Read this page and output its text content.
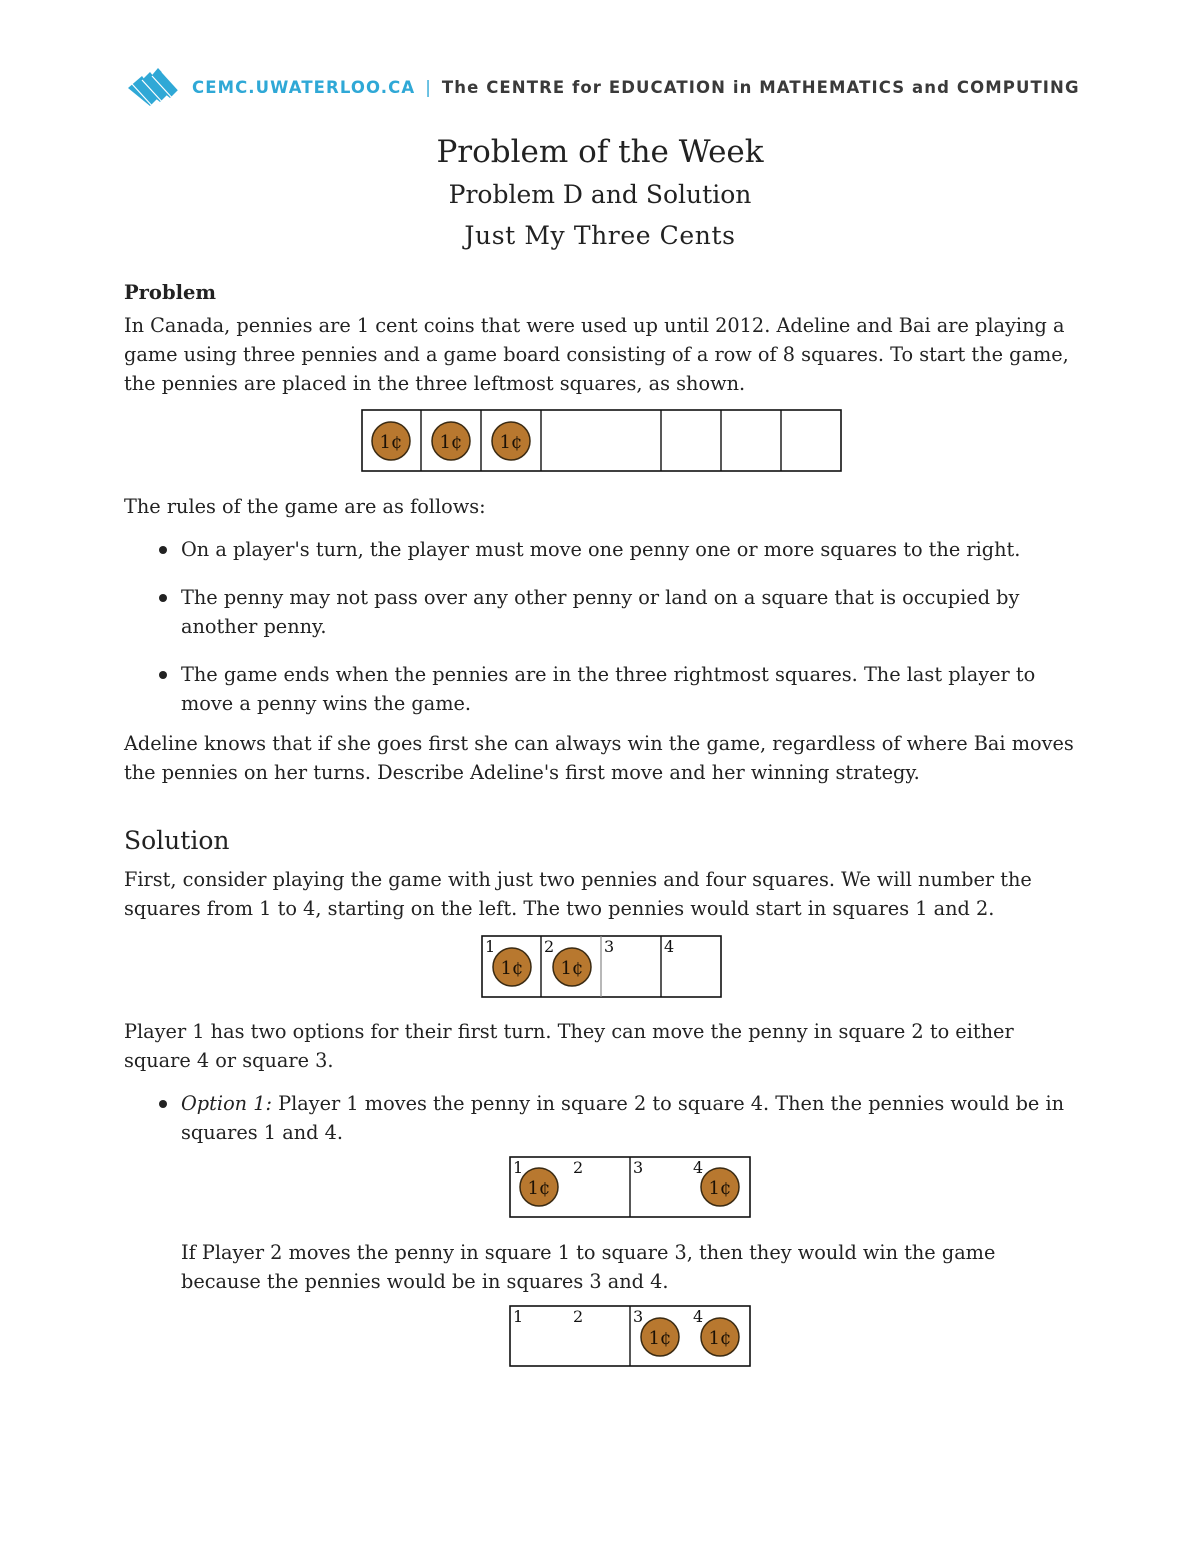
CEMC.UWATERLOO.CA | The CENTRE for EDUCATION in MATHEMATICS and COMPUTING
Problem of the Week
Problem D and Solution
Just My Three Cents

Problem

In Canada, pennies are 1 cent coins that were used up until 2012. Adeline and Bai are playing a game using three pennies and a game board consisting of a row of 8 squares. To start the game, the pennies are placed in the three leftmost squares, as shown.

1¢ 1¢ 1¢

The rules of the game are as follows:

On a player's turn, the player must move one penny one or more squares to the right.
The penny may not pass over any other penny or land on a square that is occupied by another penny.
The game ends when the pennies are in the three rightmost squares. The last player to move a penny wins the game.

Adeline knows that if she goes first she can always win the game, regardless of where Bai moves the pennies on her turns. Describe Adeline's first move and her winning strategy.

Solution

First, consider playing the game with just two pennies and four squares. We will number the squares from 1 to 4, starting on the left. The two pennies would start in squares 1 and 2.

1	2	3	4
1¢ 1¢

Player 1 has two options for their first turn. They can move the penny in square 2 to either square 4 or square 3.

Option 1: Player 1 moves the penny in square 2 to square 4. Then the pennies would be in squares 1 and 4.
1	2	3	4
1¢	1¢

If Player 2 moves the penny in square 1 to square 3, then they would win the game because the pennies would be in squares 3 and 4.

1	2	3	4
1¢ 1¢
